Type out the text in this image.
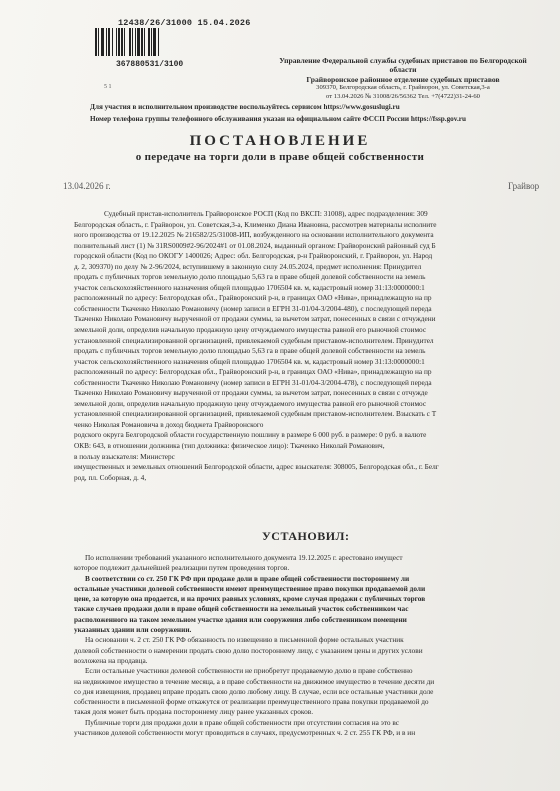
12438/26/31000 15.04.2026
367880531/3100
5 1
Управление Федеральной службы судебных приставов по Белгородской
области
Грайворонское районное отделение судебных приставов
309370, Белгородская область, г. Грайворон, ул. Советская,3-а
от 13.04.2026 № 31008/26/56362 Тел. +7(4722)31-24-60
Для участия в исполнительном производстве воспользуйтесь сервисом https://www.gosuslugi.ru
Номер телефона группы телефонного обслуживания указан на официальном сайте ФССП России https://fssp.gov.ru
ПОСТАНОВЛЕНИЕ
о передаче на торги доли в праве общей собственности
13.04.2026 г.	Грайвор

Судебный пристав-исполнитель Грайворонское РОСП (Код по ВКСП: 31008), адрес подразделения: 309

Белгородская область, г. Грайворон, ул. Советская,3-а, Клименко Диана Ивановна, рассмотрев материалы исполните

ного производства от 19.12.2025 № 216582/25/31008-ИП, возбужденного на основании исполнительного документа

полнительный лист (1) № 31RS0009#2-96/2024#1 от 01.08.2024, выданный органом: Грайворонский районный суд Б

городской области (Код по ОКОГУ 1400026; Адрес: обл. Белгородская, р-н Грайворонский, г. Грайворон, ул. Народ

д. 2, 309370) по делу № 2-96/2024, вступившему в законную силу 24.05.2024, предмет исполнения: Принудител

продать с публичных торгов земельную долю площадью 5,63 га в праве общей долевой собственности на земель

участок сельскохозяйственного назначения общей площадью 1706504 кв. м, кадастровый номер 31:13:0000000:1

расположенный по адресу: Белгородская обл., Грайворонский р-н, в границах ОАО «Нива», принадлежащую на пр

собственности Ткаченко Николаю Романовичу (номер записи в ЕГРН 31-01/04-3/2004-480), с последующей переда

Ткаченко Николаю Романовичу вырученной от продажи суммы, за вычетом затрат, понесенных в связи с отчуждени

земельной доли, определив начальную продажную цену отчуждаемого имущества равной его рыночной стоимос

установленной специализированной организацией, привлекаемой судебным приставом-исполнителем. Принудител

продать с публичных торгов земельную долю площадью 5,63 га в праве общей долевой собственности на земель

участок сельскохозяйственного назначения общей площадью 1706504 кв. м, кадастровый номер 31:13:0000000:1

расположенный по адресу: Белгородская обл., Грайворонский р-н, в границах ОАО «Нива», принадлежащую на пр

собственности Ткаченко Николаю Романовичу (номер записи в ЕГРН 31-01/04-3/2004-478), с последующей переда

Ткаченко Николаю Романовичу вырученной от продажи суммы, за вычетом затрат, понесенных в связи с отчужде

земельной доли, определив начальную продажную цену отчуждаемого имущества равной его рыночной стоимос

установленной специализированной организацией, привлекаемой судебным приставом-исполнителем. Взыскать с Т

ченко Николая Романовича в доход бюджета Грайворонского

родского округа Белгородской области государственную пошлину в размере 6 000 руб. в размере: 0 руб. в валюте

ОКВ: 643, в отношении должника (тип должника: физическое лицо): Ткаченко Николай Романович,

в пользу взыскателя: Министерс

имущественных и земельных отношений Белгородской области, адрес взыскателя: 308005, Белгородская обл., г. Белг

род, пл. Соборная, д. 4,

УСТАНОВИЛ:

По исполнении требований указанного исполнительного документа 19.12.2025 г. арестовано имущест

которое подлежит дальнейшей реализации путем проведения торгов.

В соответствии со ст. 250 ГК РФ при продаже доли в праве общей собственности постороннему ли

остальные участники долевой собственности имеют преимущественное право покупки продаваемой доли

цене, за которую она продается, и на прочих равных условиях, кроме случая продажи с публичных торгов

также случаев продажи доли в праве общей собственности на земельный участок собственником час

расположенного на таком земельном участке здания или сооружения либо собственником помещени

указанных здании или сооружении.

На основании ч. 2 ст. 250 ГК РФ обязанность по извещению в письменной форме остальных участник

долевой собственности о намерении продать свою долю постороннему лицу, с указанием цены и других услови

возложена на продавца.

Если остальные участники долевой собственности не приобретут продаваемую долю в праве собственно

на недвижимое имущество в течение месяца, а в праве собственности на движимое имущество в течение десяти ди

со дня извещения, продавец вправе продать свою долю любому лицу. В случае, если все остальные участники доле

собственности в письменной форме откажутся от реализации преимущественного права покупки продаваемой до

такая доля может быть продана постороннему лицу ранее указанных сроков.

Публичные торги для продажи доли в праве общей собственности при отсутствии согласия на это вс

участников долевой собственности могут проводиться в случаях, предусмотренных ч. 2 ст. 255 ГК РФ, и в ин
